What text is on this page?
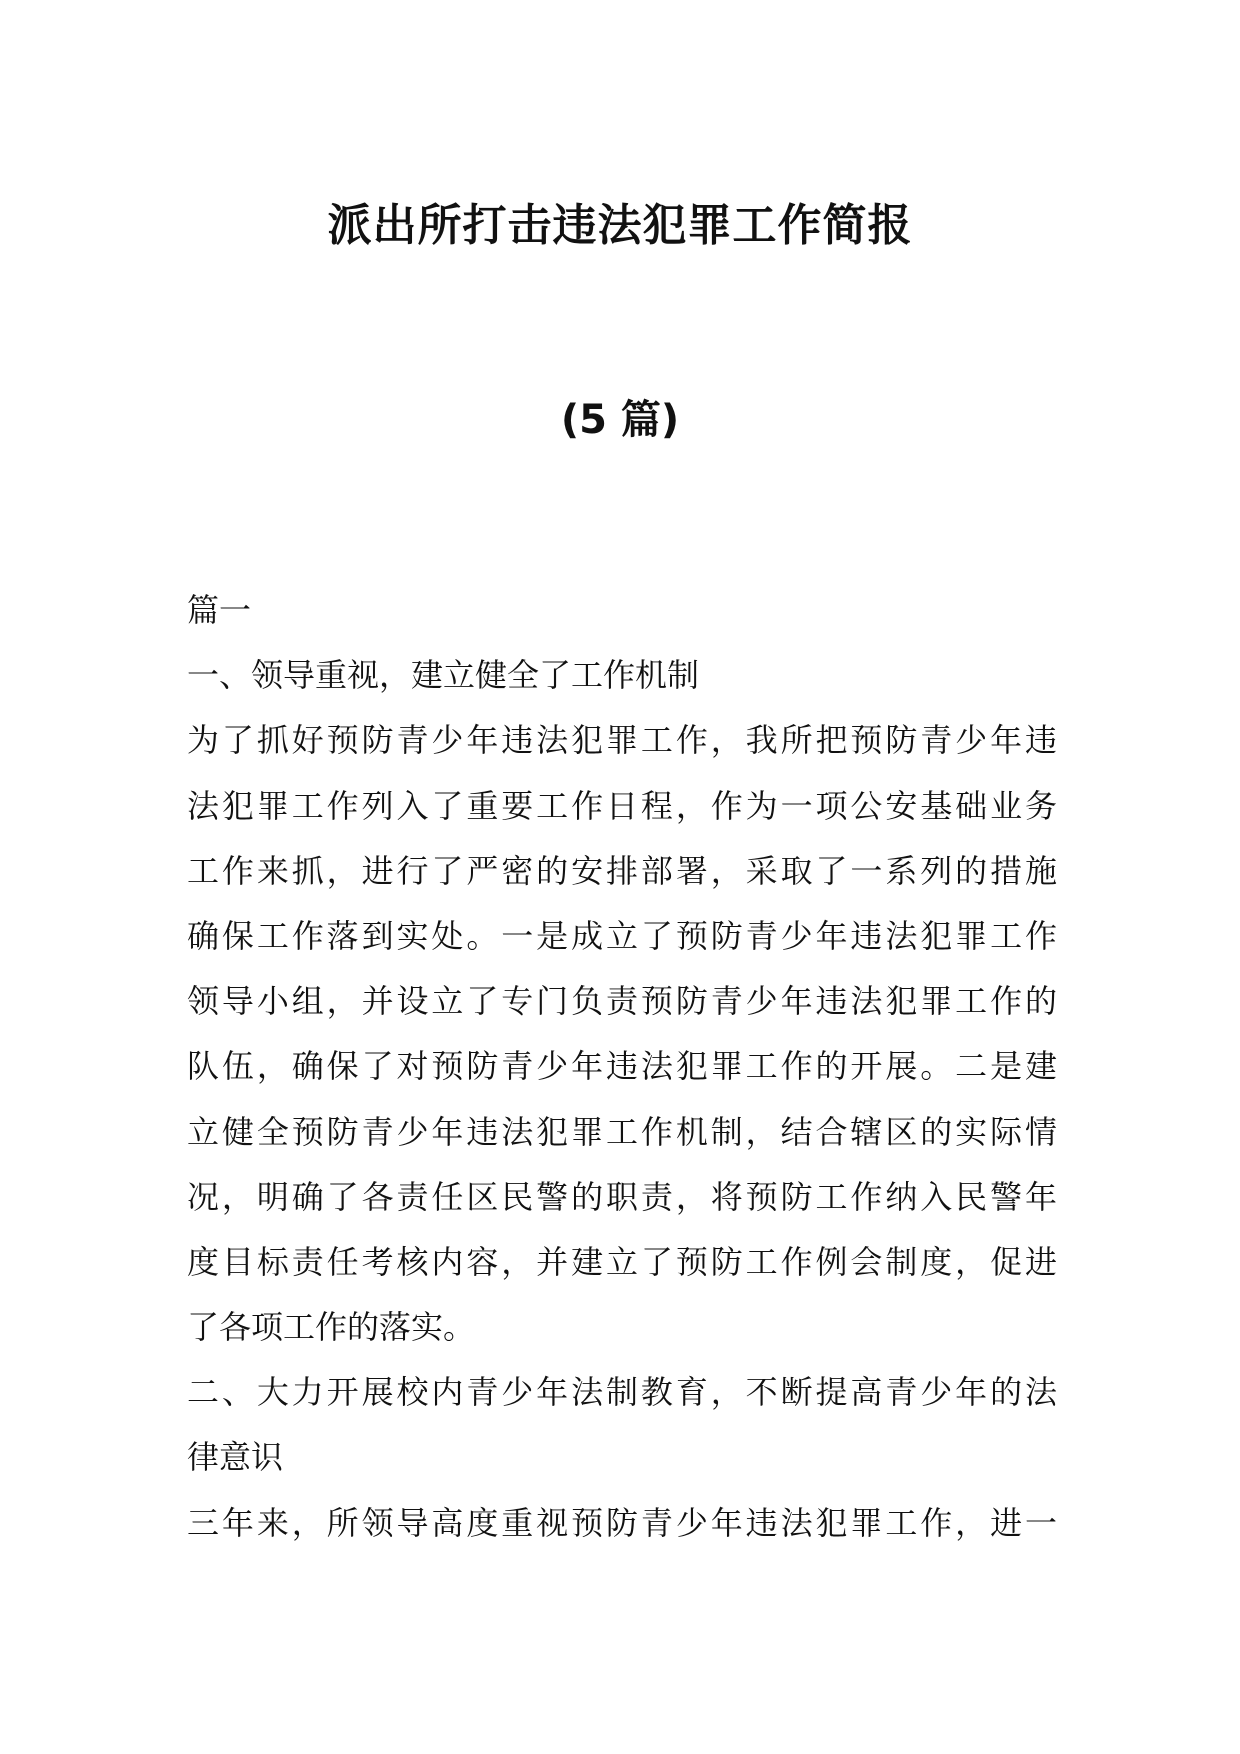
派出所打击违法犯罪工作简报
(5 篇)
篇一
一、领导重视，建立健全了工作机制
为了抓好预防青少年违法犯罪工作，我所把预防青少年违
法犯罪工作列入了重要工作日程，作为一项公安基础业务
工作来抓，进行了严密的安排部署，采取了一系列的措施
确保工作落到实处。一是成立了预防青少年违法犯罪工作
领导小组，并设立了专门负责预防青少年违法犯罪工作的
队伍，确保了对预防青少年违法犯罪工作的开展。二是建
立健全预防青少年违法犯罪工作机制，结合辖区的实际情
况，明确了各责任区民警的职责，将预防工作纳入民警年
度目标责任考核内容，并建立了预防工作例会制度，促进
了各项工作的落实。
二、大力开展校内青少年法制教育，不断提高青少年的法
律意识
三年来，所领导高度重视预防青少年违法犯罪工作，进一
